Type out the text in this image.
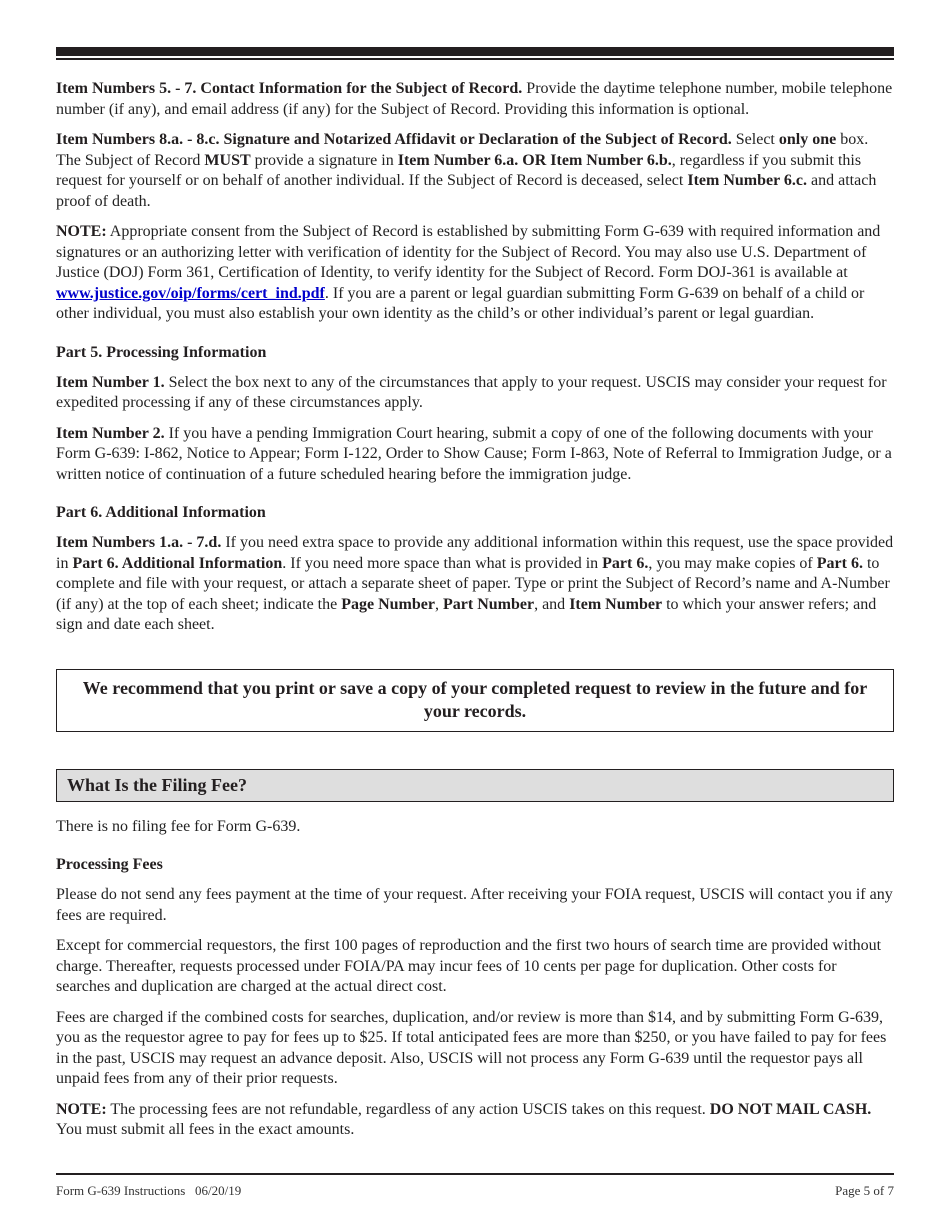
Item Numbers 5. - 7. Contact Information for the Subject of Record. Provide the daytime telephone number, mobile telephone number (if any), and email address (if any) for the Subject of Record. Providing this information is optional.

Item Numbers 8.a. - 8.c. Signature and Notarized Affidavit or Declaration of the Subject of Record. Select only one box. The Subject of Record MUST provide a signature in Item Number 6.a. OR Item Number 6.b., regardless if you submit this request for yourself or on behalf of another individual. If the Subject of Record is deceased, select Item Number 6.c. and attach proof of death.

NOTE: Appropriate consent from the Subject of Record is established by submitting Form G-639 with required information and signatures or an authorizing letter with verification of identity for the Subject of Record. You may also use U.S. Department of Justice (DOJ) Form 361, Certification of Identity, to verify identity for the Subject of Record. Form DOJ-361 is available at www.justice.gov/oip/forms/cert_ind.pdf. If you are a parent or legal guardian submitting Form G-639 on behalf of a child or other individual, you must also establish your own identity as the child’s or other individual’s parent or legal guardian.

Part 5. Processing Information

Item Number 1. Select the box next to any of the circumstances that apply to your request. USCIS may consider your request for expedited processing if any of these circumstances apply.

Item Number 2. If you have a pending Immigration Court hearing, submit a copy of one of the following documents with your Form G-639: I-862, Notice to Appear; Form I-122, Order to Show Cause; Form I-863, Note of Referral to Immigration Judge, or a written notice of continuation of a future scheduled hearing before the immigration judge.

Part 6. Additional Information

Item Numbers 1.a. - 7.d. If you need extra space to provide any additional information within this request, use the space provided in Part 6. Additional Information. If you need more space than what is provided in Part 6., you may make copies of Part 6. to complete and file with your request, or attach a separate sheet of paper. Type or print the Subject of Record’s name and A-Number (if any) at the top of each sheet; indicate the Page Number, Part Number, and Item Number to which your answer refers; and sign and date each sheet.

We recommend that you print or save a copy of your completed request to review in the future and for your records.
What Is the Filing Fee?

There is no filing fee for Form G-639.

Processing Fees

Please do not send any fees payment at the time of your request. After receiving your FOIA request, USCIS will contact you if any fees are required.

Except for commercial requestors, the first 100 pages of reproduction and the first two hours of search time are provided without charge. Thereafter, requests processed under FOIA/PA may incur fees of 10 cents per page for duplication. Other costs for searches and duplication are charged at the actual direct cost.

Fees are charged if the combined costs for searches, duplication, and/or review is more than $14, and by submitting Form G-639, you as the requestor agree to pay for fees up to $25. If total anticipated fees are more than $250, or you have failed to pay for fees in the past, USCIS may request an advance deposit. Also, USCIS will not process any Form G-639 until the requestor pays all unpaid fees from any of their prior requests.

NOTE: The processing fees are not refundable, regardless of any action USCIS takes on this request. DO NOT MAIL CASH. You must submit all fees in the exact amounts.

Form G-639 Instructions   06/20/19	Page 5 of 7
